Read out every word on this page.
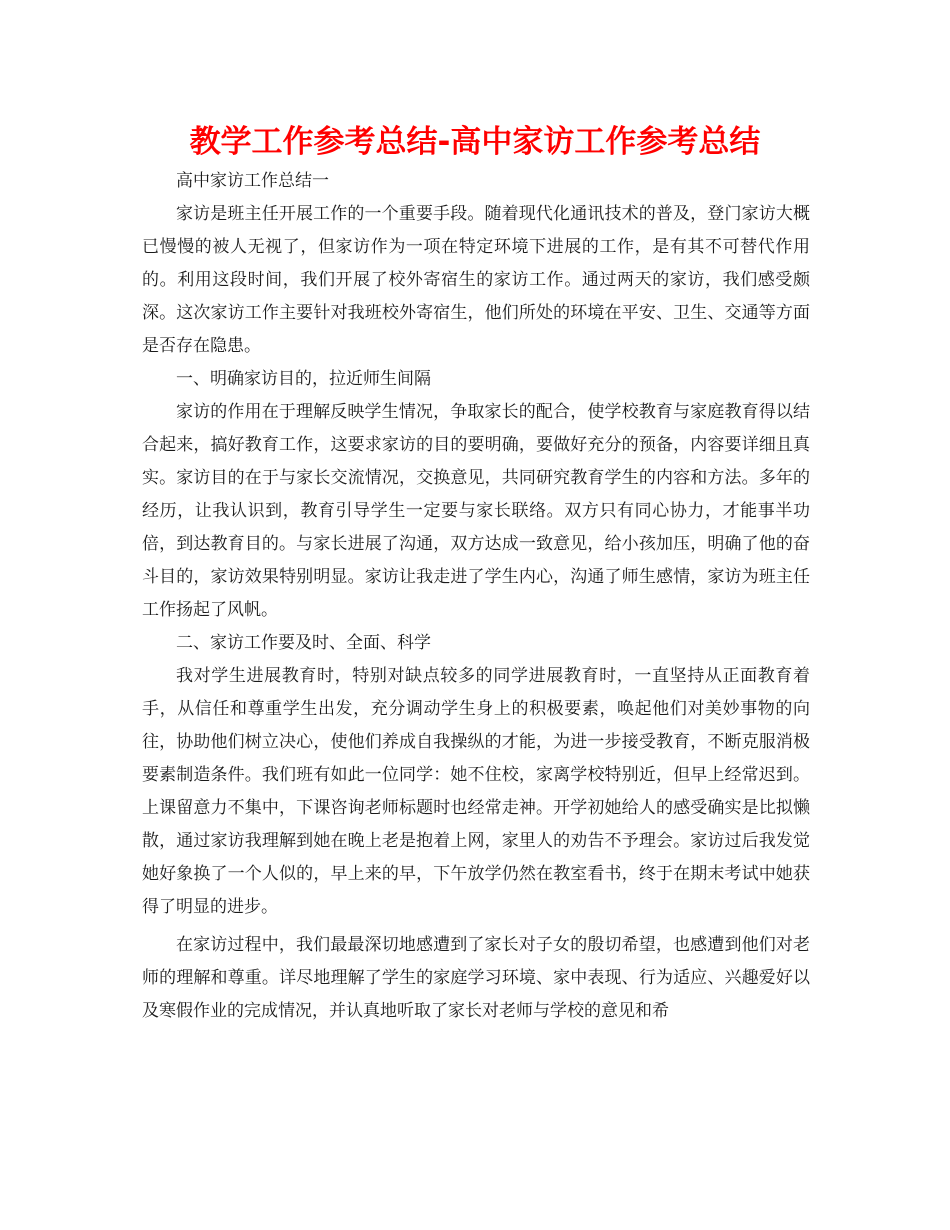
教学工作参考总结-高中家访工作参考总结

高中家访工作总结一

家访是班主任开展工作的一个重要手段。随着现代化通讯技术的普及，登门家访大概已慢慢的被人无视了，但家访作为一项在特定环境下进展的工作，是有其不可替代作用的。利用这段时间，我们开展了校外寄宿生的家访工作。通过两天的家访，我们感受颇深。这次家访工作主要针对我班校外寄宿生，他们所处的环境在平安、卫生、交通等方面是否存在隐患。

一、明确家访目的，拉近师生间隔

家访的作用在于理解反映学生情况，争取家长的配合，使学校教育与家庭教育得以结合起来，搞好教育工作，这要求家访的目的要明确，要做好充分的预备，内容要详细且真实。家访目的在于与家长交流情况，交换意见，共同研究教育学生的内容和方法。多年的经历，让我认识到，教育引导学生一定要与家长联络。双方只有同心协力，才能事半功倍，到达教育目的。与家长进展了沟通，双方达成一致意见，给小孩加压，明确了他的奋斗目的，家访效果特别明显。家访让我走进了学生内心，沟通了师生感情，家访为班主任工作扬起了风帆。

二、家访工作要及时、全面、科学

我对学生进展教育时，特别对缺点较多的同学进展教育时，一直坚持从正面教育着手，从信任和尊重学生出发，充分调动学生身上的积极要素，唤起他们对美妙事物的向往，协助他们树立决心，使他们养成自我操纵的才能，为进一步接受教育，不断克服消极要素制造条件。我们班有如此一位同学：她不住校，家离学校特别近，但早上经常迟到。上课留意力不集中，下课咨询老师标题时也经常走神。开学初她给人的感受确实是比拟懒散，通过家访我理解到她在晚上老是抱着上网，家里人的劝告不予理会。家访过后我发觉她好象换了一个人似的，早上来的早，下午放学仍然在教室看书，终于在期末考试中她获得了明显的进步。

在家访过程中，我们最最深切地感遭到了家长对子女的殷切希望，也感遭到他们对老师的理解和尊重。详尽地理解了学生的家庭学习环境、家中表现、行为适应、兴趣爱好以及寒假作业的完成情况，并认真地听取了家长对老师与学校的意见和希
